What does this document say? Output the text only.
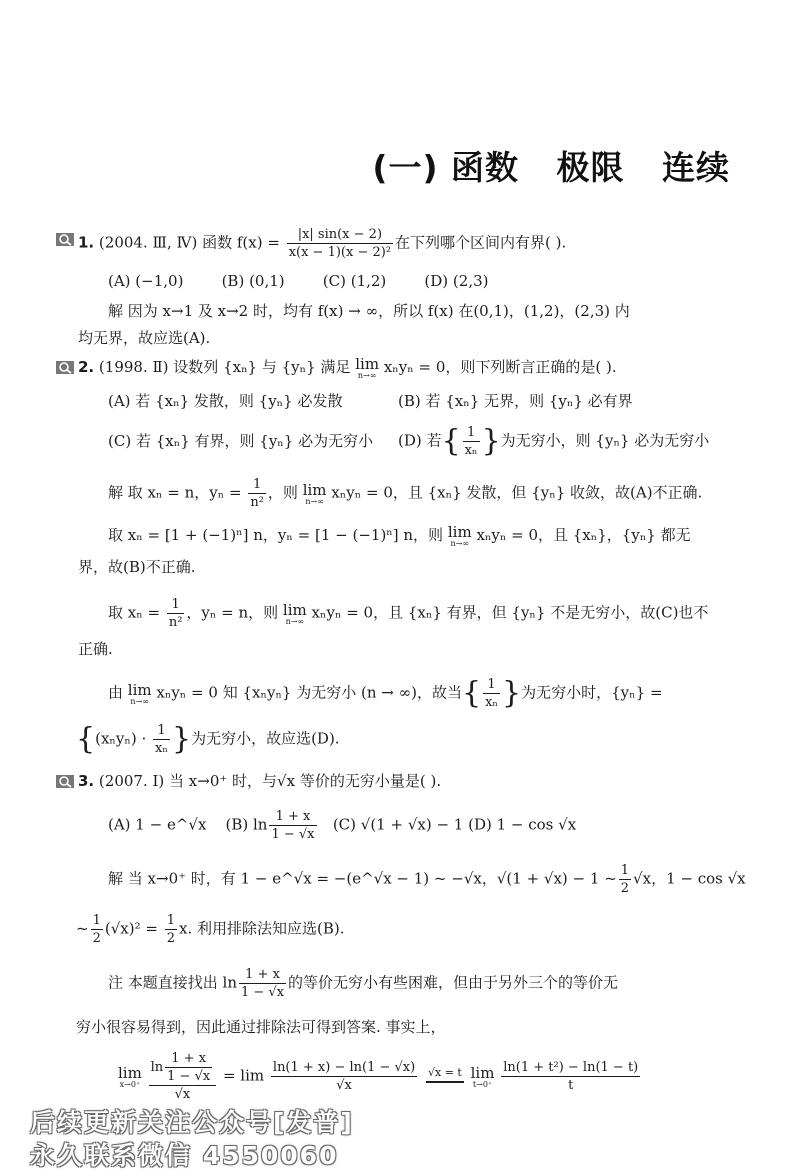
(一) 函数   极限   连续
1. (2004. Ⅲ, Ⅳ) 函数 $f(x) = \frac{|x| \sin(x - 2)}{\text{x(x − 1)(x − 2)²}}$ 在下列哪个区间内有界( ).
(A) (−1,0)        (B) (0,1)        (C) (1,2)        (D) (2,3)
解 因为 x→1 及 x→2 时，均有 f(x) → ∞，所以 f(x) 在(0,1)，(1,2)，(2,3) 内
均无界，故应选(A).
2. (1998. Ⅱ) 设数列 {xₙ} 与 {yₙ} 满足 lim
n→∞ xₙyₙ = 0，则下列断言正确的是( ).
(A) 若 {xₙ} 发散，则 {yₙ} 必发散	(B) 若 {xₙ} 无界，则 {yₙ} 必有界
(C) 若 {xₙ} 有界，则 {yₙ} 必为无穷小	(D) 若{ $\frac{1}{\text{xₙ}}$ }为无穷小，则 {yₙ} 必为无穷小
解 取 xₙ = n，$y_n = \frac{1}{\text{n²}}$ ，则 lim
n→∞ xₙyₙ = 0，且 {xₙ} 发散，但 {yₙ} 收敛，故(A)不正确.
取 xₙ = [1 + (−1)ⁿ] n，yₙ = [1 − (−1)ⁿ] n，则 lim
n→∞ xₙyₙ = 0，且 {xₙ}，{yₙ} 都无
界，故(B)不正确.
取 $x_n = \frac{1}{\text{n²}}$ ，yₙ = n，则 lim
n→∞ xₙyₙ = 0，且 {xₙ} 有界，但 {yₙ} 不是无穷小，故(C)也不
正确.
由 lim
n→∞ xₙyₙ = 0 知 {xₙyₙ} 为无穷小 (n → ∞)，故当{ $\frac{1}{\text{xₙ}}$ }为无穷小时，{yₙ} =
{$(x_ny_n) \cdot \frac{1}{\text{xₙ}}$ }为无穷小，故应选(D).
3. (2007. Ⅰ) 当 x→0⁺ 时，与√x 等价的无穷小量是( ).
(A) 1 − e^√x (B) $\ln \frac{1 + x}{1 - √x} (C) √(1 + √x) - 1$ (D) 1 − cos √x
解 当 x→0⁺ 时，有 1 − e^√x = −(e^√x − 1) ~ −√x，√(1 + √x) − 1 ~ $\frac{1}{2} √x$，1 − cos √x
~ $\frac{1}{2} (√x)^2 = \frac{1}{2} x$. 利用排除法知应选(B).
注 本题直接找出 $\ln \frac{1 + x}{1 - √x}$ 的等价无穷小有些困难，但由于另外三个的等价无
穷小很容易得到，因此通过排除法可得到答案. 事实上，
lim
x→0⁺
$\frac{\ln \frac{1 + x}{1 - √x}}{√x} = \lim \frac{\ln(1 + x) - \ln(1 - √x)}{√x}$
√x = t

lim
t→0⁺
$\frac{\text{ln(1 + t²) − ln(1 − t)}}{t}$
后续更新关注公众号[发普]
永久联系微信 4550060
